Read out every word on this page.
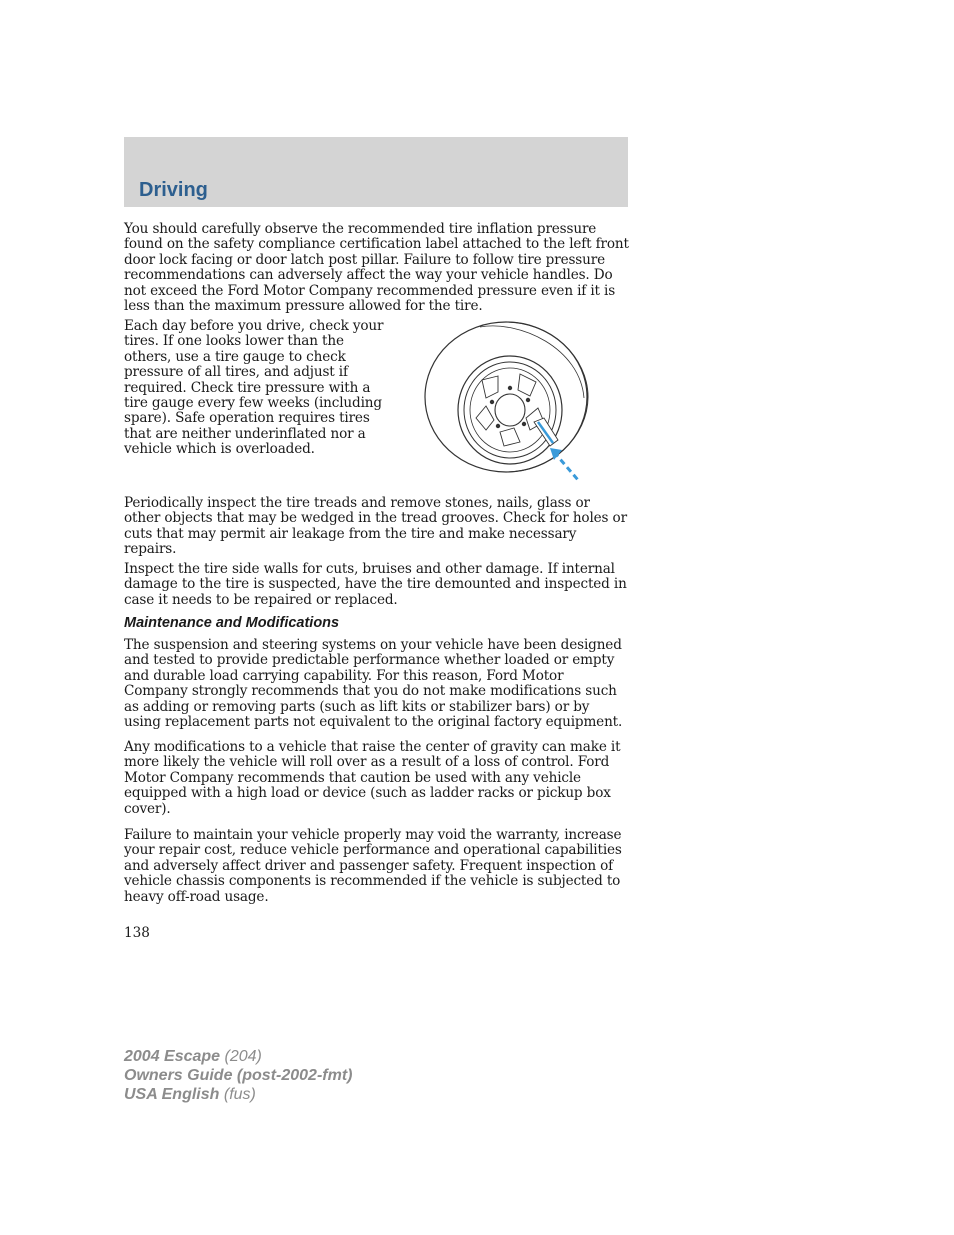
Driving

You should carefully observe the recommended tire inflation pressure found on the safety compliance certification label attached to the left front door lock facing or door latch post pillar. Failure to follow tire pressure recommendations can adversely affect the way your vehicle handles. Do not exceed the Ford Motor Company recommended pressure even if it is less than the maximum pressure allowed for the tire.

Each day before you drive, check your tires. If one looks lower than the others, use a tire gauge to check pressure of all tires, and adjust if required. Check tire pressure with a tire gauge every few weeks (including spare). Safe operation requires tires that are neither underinflated nor a vehicle which is overloaded.

Periodically inspect the tire treads and remove stones, nails, glass or other objects that may be wedged in the tread grooves. Check for holes or cuts that may permit air leakage from the tire and make necessary repairs.

Inspect the tire side walls for cuts, bruises and other damage. If internal damage to the tire is suspected, have the tire demounted and inspected in case it needs to be repaired or replaced.

Maintenance and Modifications

The suspension and steering systems on your vehicle have been designed and tested to provide predictable performance whether loaded or empty and durable load carrying capability. For this reason, Ford Motor Company strongly recommends that you do not make modifications such as adding or removing parts (such as lift kits or stabilizer bars) or by using replacement parts not equivalent to the original factory equipment.

Any modifications to a vehicle that raise the center of gravity can make it more likely the vehicle will roll over as a result of a loss of control. Ford Motor Company recommends that caution be used with any vehicle equipped with a high load or device (such as ladder racks or pickup box cover).

Failure to maintain your vehicle properly may void the warranty, increase your repair cost, reduce vehicle performance and operational capabilities and adversely affect driver and passenger safety. Frequent inspection of vehicle chassis components is recommended if the vehicle is subjected to heavy off-road usage.

138
2004 Escape (204)
Owners Guide (post-2002-fmt)
USA English (fus)
